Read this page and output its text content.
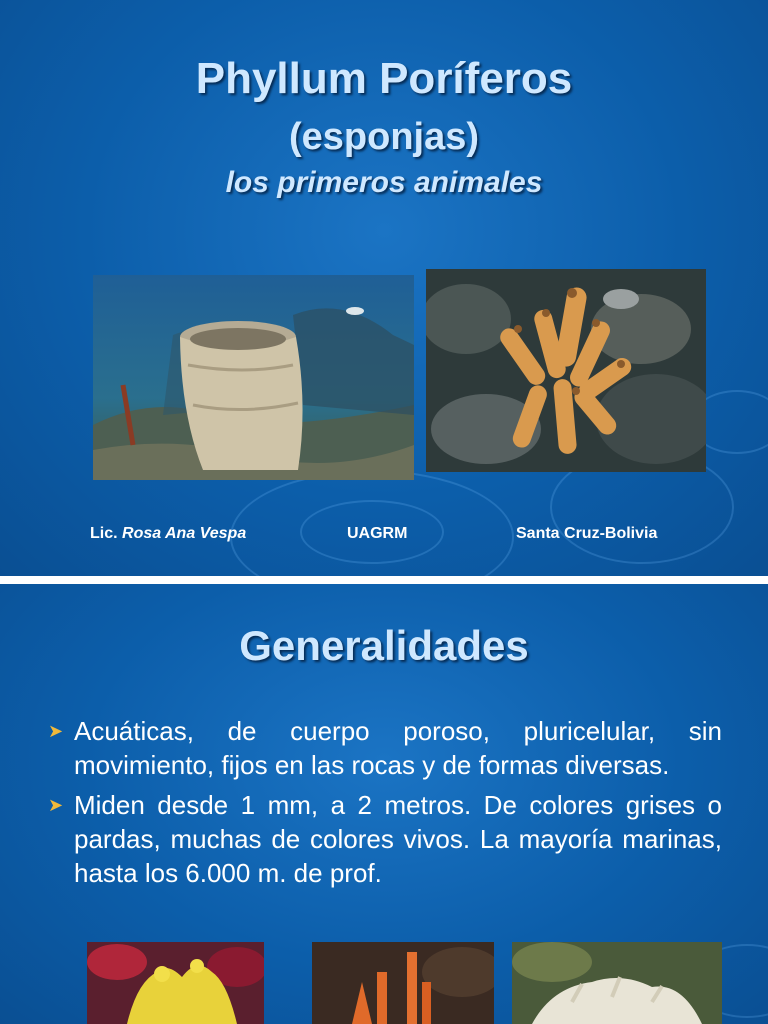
Phyllum Poríferos
(esponjas)
los primeros animales
Lic. Rosa Ana Vespa	UAGRM	Santa Cruz-Bolivia
Generalidades
➤ Acuáticas, de cuerpo poroso, pluricelular, sin movimiento, fijos en las rocas y de formas diversas.
➤ Miden desde 1 mm, a 2 metros. De colores grises o pardas, muchas de colores vivos. La mayoría marinas, hasta los 6.000 m. de prof.
